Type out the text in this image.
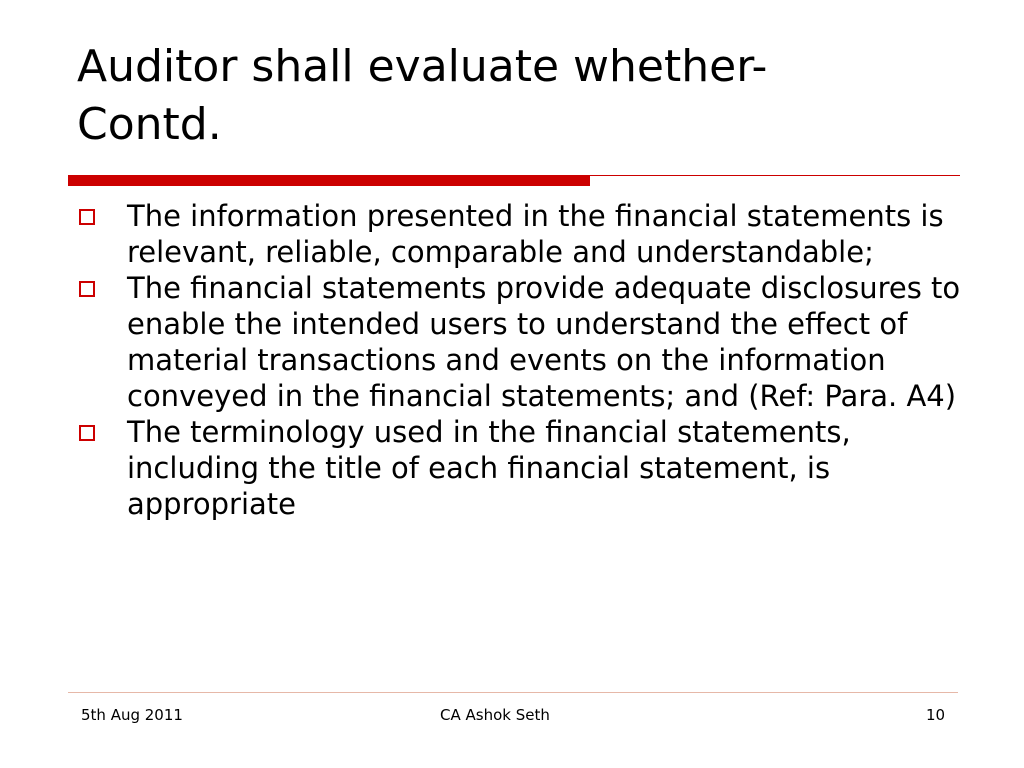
Auditor shall evaluate whether-
Contd.
The information presented in the financial statements is relevant, reliable, comparable and understandable;
The financial statements provide adequate disclosures to enable the intended users to understand the effect of material transactions and events on the information conveyed in the financial statements; and (Ref: Para. A4)
The terminology used in the financial statements, including the title of each financial statement, is appropriate
5th Aug 2011	CA Ashok Seth	10
